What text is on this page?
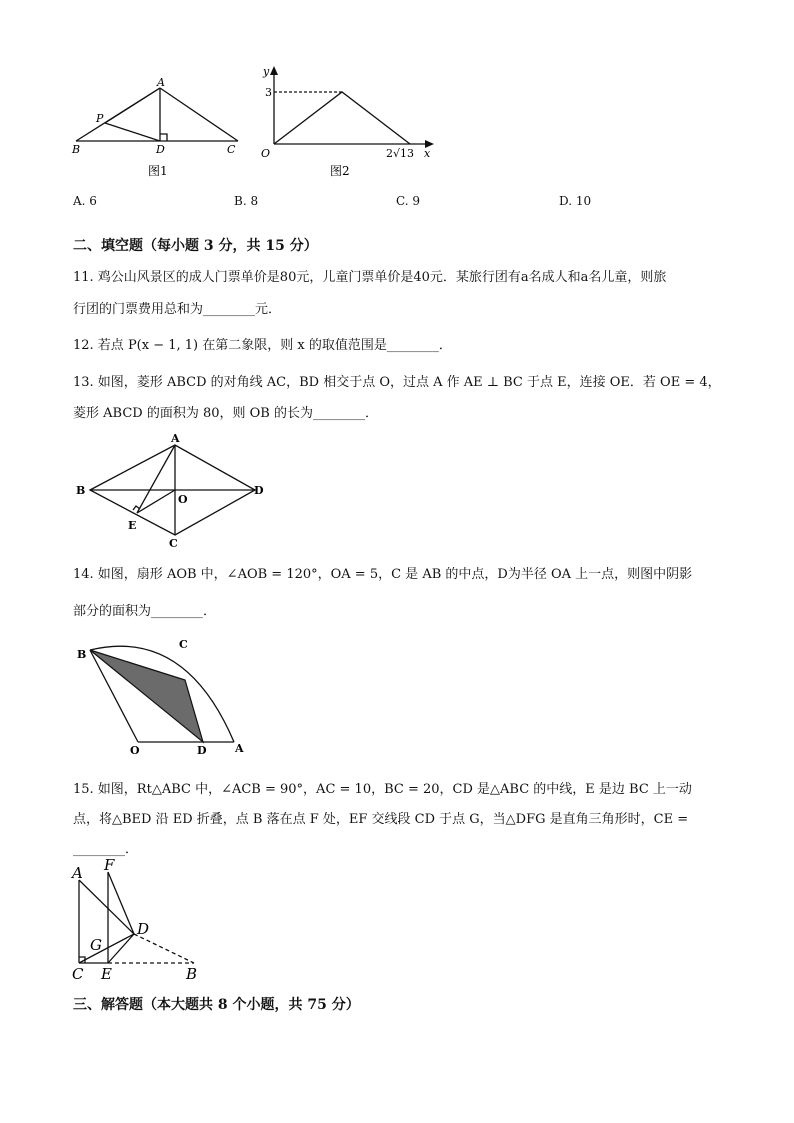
A
P
B	D	C
图1
y
x
3
O	2√13
图2
A. 6	B. 8	C. 9	D. 10
二、填空题（每小题 3 分，共 15 分）
11. 鸡公山风景区的成人门票单价是80元，儿童门票单价是40元．某旅行团有a名成人和a名儿童，则旅
行团的门票费用总和为________元．
12. 若点 P(x − 1, 1) 在第二象限，则 x 的取值范围是________．
13. 如图，菱形 ABCD 的对角线 AC，BD 相交于点 O，过点 A 作 AE ⊥ BC 于点 E，连接 OE．若 OE = 4，
菱形 ABCD 的面积为 80，则 OB 的长为________．
A
B
O
D
E
C
14. 如图，扇形 AOB 中，∠AOB = 120°，OA = 5，C 是 AB 的中点，D为半径 OA 上一点，则图中阴影
部分的面积为________．
B
C
O	D	A
15. 如图，Rt△ABC 中，∠ACB = 90°，AC = 10，BC = 20，CD 是△ABC 的中线，E 是边 BC 上一动
点，将△BED 沿 ED 折叠，点 B 落在点 F 处，EF 交线段 CD 于点 G，当△DFG 是直角三角形时，CE =
________．
F
A
D
G
C E	B
三、解答题（本大题共 8 个小题，共 75 分）
